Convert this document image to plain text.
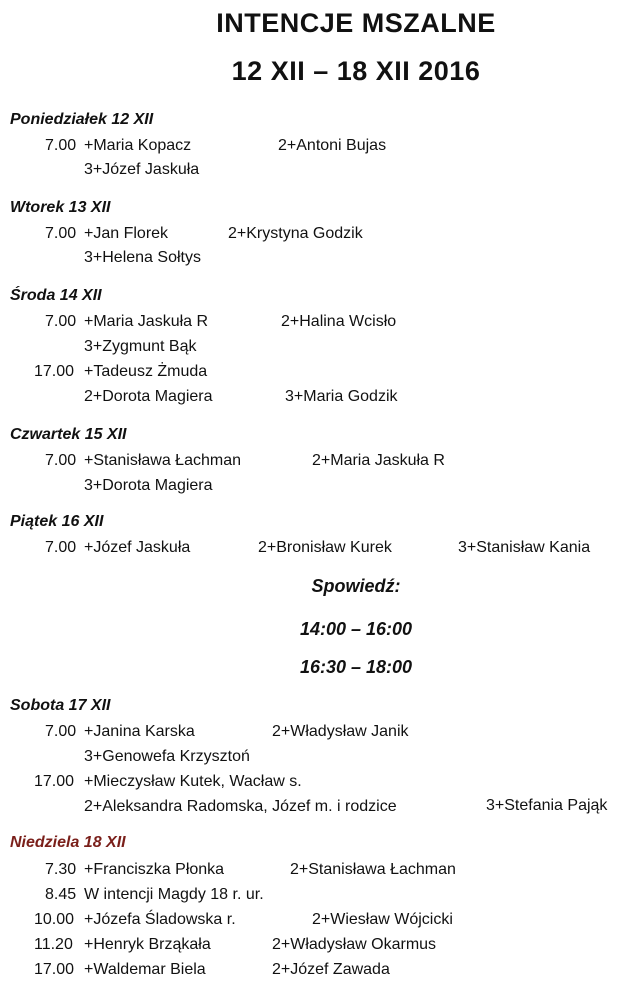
INTENCJE MSZALNE
12 XII – 18 XII 2016
Poniedziałek 12 XII
7.00 +Maria Kopacz	2+Antoni Bujas
3+Józef Jaskuła
Wtorek 13 XII
7.00 +Jan Florek	2+Krystyna Godzik
3+Helena Sołtys
Środa 14 XII
7.00 +Maria Jaskuła R	2+Halina Wcisło
3+Zygmunt Bąk
17.00 +Tadeusz Żmuda
2+Dorota Magiera	3+Maria Godzik
Czwartek 15 XII
7.00 +Stanisława Łachman	2+Maria Jaskuła R
3+Dorota Magiera
Piątek 16 XII
7.00 +Józef Jaskuła	2+Bronisław Kurek	3+Stanisław Kania
Spowiedź:
14:00 – 16:00
16:30 – 18:00
Sobota 17 XII
7.00 +Janina Karska	2+Władysław Janik
3+Genowefa Krzysztoń
17.00 +Mieczysław Kutek, Wacław s.
2+Aleksandra Radomska, Józef m. i rodzice	3+Stefania Pająk
Niedziela 18 XII
7.30 +Franciszka Płonka	2+Stanisława Łachman
8.45 W intencji Magdy 18 r. ur.
10.00 +Józefa Śladowska r.	2+Wiesław Wójcicki
11.20 +Henryk Brząkała	2+Władysław Okarmus
17.00 +Waldemar Biela	2+Józef Zawada
